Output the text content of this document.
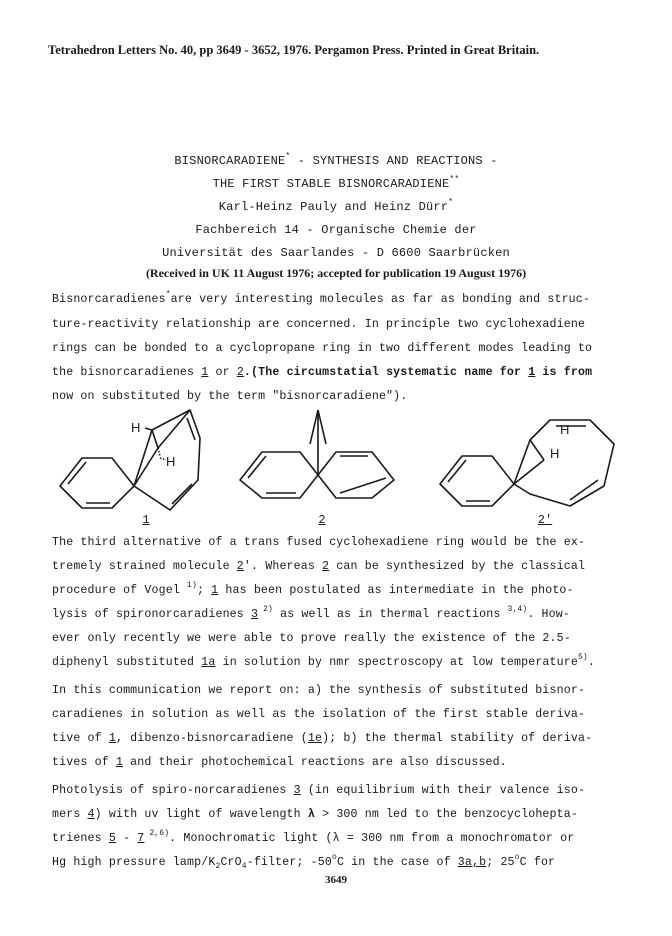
Tetrahedron Letters No. 40, pp 3649 - 3652, 1976. Pergamon Press. Printed in Great Britain.
BISNORCARADIENE* - SYNTHESIS AND REACTIONS -
THE FIRST STABLE BISNORCARADIENE**
Karl-Heinz Pauly and Heinz Dürr*
Fachbereich 14 - Organische Chemie der
Universität des Saarlandes - D 6600 Saarbrücken
(Received in UK 11 August 1976; accepted for publication 19 August 1976)
Bisnorcaradienes*are very interesting molecules as far as bonding and struc-
ture-reactivity relationship are concerned. In principle two cyclohexadiene
rings can be bonded to a cyclopropane ring in two different modes leading to
the bisnorcaradienes 1 or 2.(The circumstatial systematic name for 1 is from
now on substituted by the term "bisnorcaradiene").
H
H
H
H
1	2	2'
The third alternative of a trans fused cyclohexadiene ring would be the ex-
tremely strained molecule 2'. Whereas 2 can be synthesized by the classical
procedure of Vogel $^{1)}$; 1 has been postulated as intermediate in the photo-
lysis of spironorcaradienes 3 $^{2)}$ as well as in thermal reactions $^{3,4)}$. How-
ever only recently we were able to prove really the existence of the 2.5-
diphenyl substituted 1a in solution by nmr spectroscopy at low temperature$^{5)}$.
In this communication we report on: a) the synthesis of substituted bisnor-
caradienes in solution as well as the isolation of the first stable deriva-
tive of 1, dibenzo-bisnorcaradiene (1e); b) the thermal stability of deriva-
tives of 1 and their photochemical reactions are also discussed.
Photolysis of spiro-norcaradienes 3 (in equilibrium with their valence iso-
mers 4) with uv light of wavelength λ > 300 nm led to the benzocyclohepta-
trienes 5 - 7 $^{2,6)}$. Monochromatic light (λ = 300 nm from a monochromator or
Hg high pressure lamp/$K_2CrO_4$-filter; -50$^o$C in the case of 3a,b; 25$^o$C for
3649
